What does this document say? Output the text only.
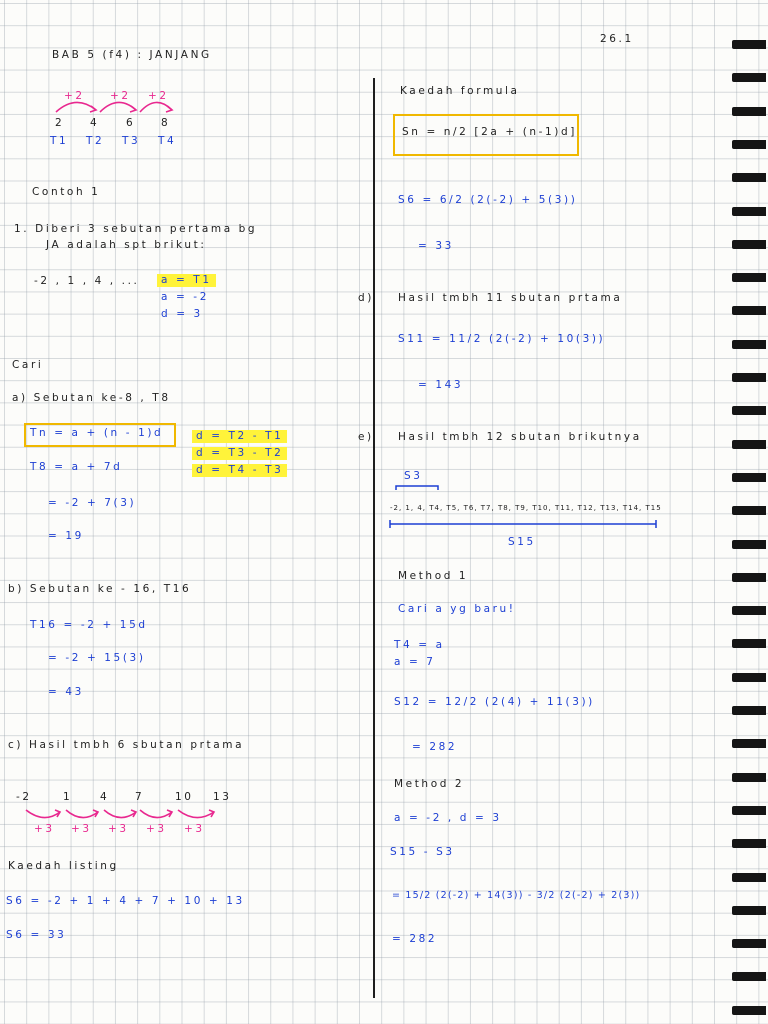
26.1
BAB 5 (f4) : JANJANG
+2 +2 +2
2 4	6 8
T1 T2 T3 T4
Contoh 1
1. Diberi 3 sebutan pertama bg
JA adalah spt brikut:
-2 , 1 , 4 , ...	a = T1
a = -2
d = 3
Cari
a) Sebutan ke-8 , T8
Tn = a + (n - 1)d	d = T2 - T1
d = T3 - T2
d = T4 - T3
T8 = a + 7d
= -2 + 7(3)
= 19
b) Sebutan ke - 16, T16
T16 = -2 + 15d
= -2 + 15(3)
= 43
c) Hasil tmbh 6 sbutan prtama
-2	1	4 7	10 13
+3 +3 +3 +3 +3
Kaedah listing
S6 = -2 + 1 + 4 + 7 + 10 + 13
S6 = 33
Kaedah formula
Sn = n/2 [2a + (n-1)d]
S6 = 6/2 (2(-2) + 5(3))
= 33
d) Hasil tmbh 11 sbutan prtama
S11 = 11/2 (2(-2) + 10(3))
= 143
e) Hasil tmbh 12 sbutan brikutnya
S3
-2, 1, 4, T4, T5, T6, T7, T8, T9, T10, T11, T12, T13, T14, T15
S15
Method 1
Cari a yg baru!
T4 = a
a = 7
S12 = 12/2 (2(4) + 11(3))
= 282
Method 2
a = -2 , d = 3
S15 - S3
= 15/2 (2(-2) + 14(3)) - 3/2 (2(-2) + 2(3))
= 282
